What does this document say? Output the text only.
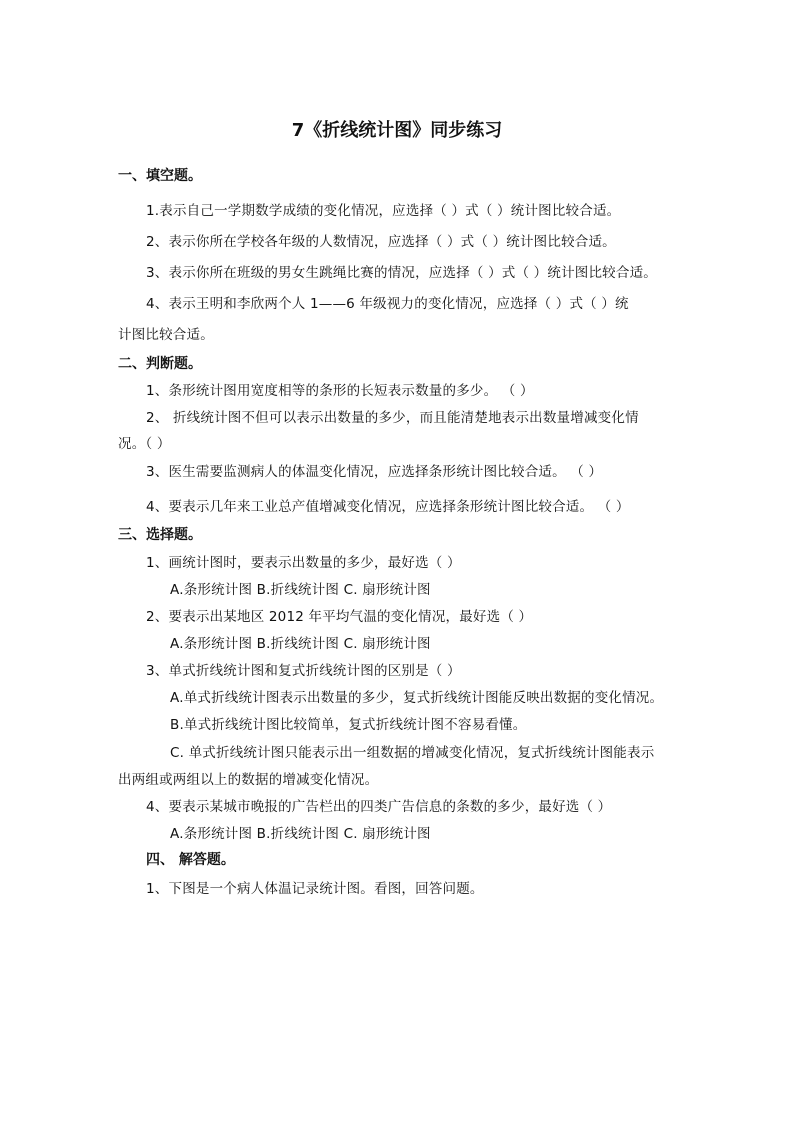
7《折线统计图》同步练习
一、填空题。
1.表示自己一学期数学成绩的变化情况，应选择（ ）式（ ）统计图比较合适。
2、表示你所在学校各年级的人数情况，应选择（ ）式（ ）统计图比较合适。
3、表示你所在班级的男女生跳绳比赛的情况，应选择（ ）式（ ）统计图比较合适。
4、表示王明和李欣两个人 1——6 年级视力的变化情况，应选择（ ）式（ ）统
计图比较合适。
二、判断题。
1、条形统计图用宽度相等的条形的长短表示数量的多少。 （ ）
2、 折线统计图不但可以表示出数量的多少，而且能清楚地表示出数量增减变化情
况。（ ）
3、医生需要监测病人的体温变化情况，应选择条形统计图比较合适。 （ ）
4、要表示几年来工业总产值增减变化情况，应选择条形统计图比较合适。 （ ）
三、选择题。
1、画统计图时，要表示出数量的多少，最好选（ ）
A.条形统计图 B.折线统计图 C. 扇形统计图
2、要表示出某地区 2012 年平均气温的变化情况，最好选（ ）
A.条形统计图 B.折线统计图 C. 扇形统计图
3、单式折线统计图和复式折线统计图的区别是（ ）
A.单式折线统计图表示出数量的多少，复式折线统计图能反映出数据的变化情况。
B.单式折线统计图比较简单，复式折线统计图不容易看懂。
C. 单式折线统计图只能表示出一组数据的增减变化情况，复式折线统计图能表示
出两组或两组以上的数据的增减变化情况。
4、要表示某城市晚报的广告栏出的四类广告信息的条数的多少，最好选（ ）
A.条形统计图 B.折线统计图 C. 扇形统计图
四、 解答题。
1、下图是一个病人体温记录统计图。看图，回答问题。
